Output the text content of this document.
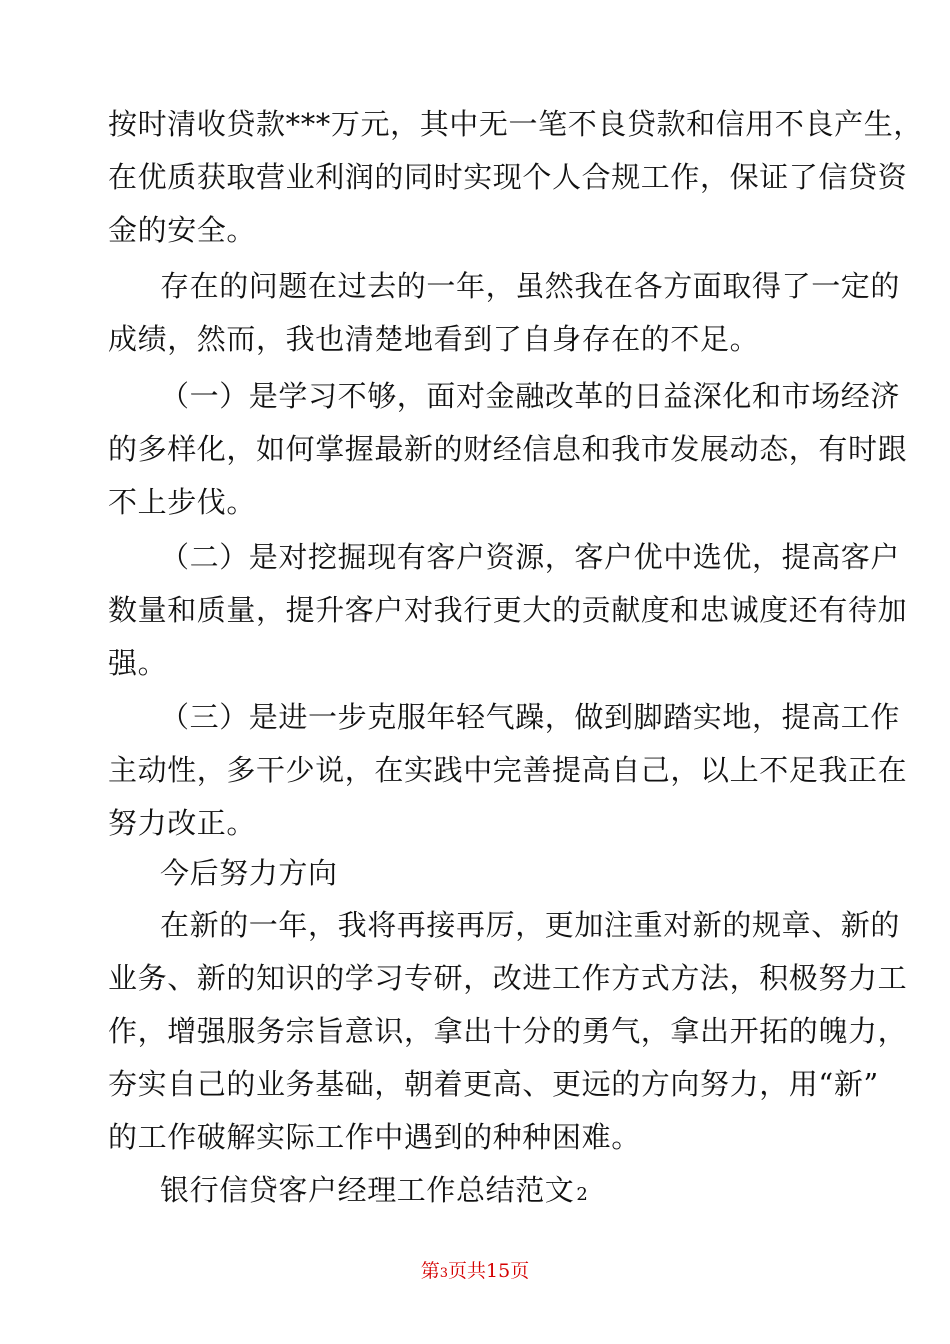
按时清收贷款***万元，其中无一笔不良贷款和信用不良产生，
在优质获取营业利润的同时实现个人合规工作，保证了信贷资
金的安全。
存在的问题在过去的一年，虽然我在各方面取得了一定的
成绩，然而，我也清楚地看到了自身存在的不足。
（一）是学习不够，面对金融改革的日益深化和市场经济
的多样化，如何掌握最新的财经信息和我市发展动态，有时跟
不上步伐。
（二）是对挖掘现有客户资源，客户优中选优，提高客户
数量和质量，提升客户对我行更大的贡献度和忠诚度还有待加
强。
（三）是进一步克服年轻气躁，做到脚踏实地，提高工作
主动性，多干少说，在实践中完善提高自己，以上不足我正在
努力改正。
今后努力方向
在新的一年，我将再接再厉，更加注重对新的规章、新的
业务、新的知识的学习专研，改进工作方式方法，积极努力工
作，增强服务宗旨意识，拿出十分的勇气，拿出开拓的魄力，
夯实自己的业务基础，朝着更高、更远的方向努力，用“新”
的工作破解实际工作中遇到的种种困难。
银行信贷客户经理工作总结范文 2
第3页共15页
